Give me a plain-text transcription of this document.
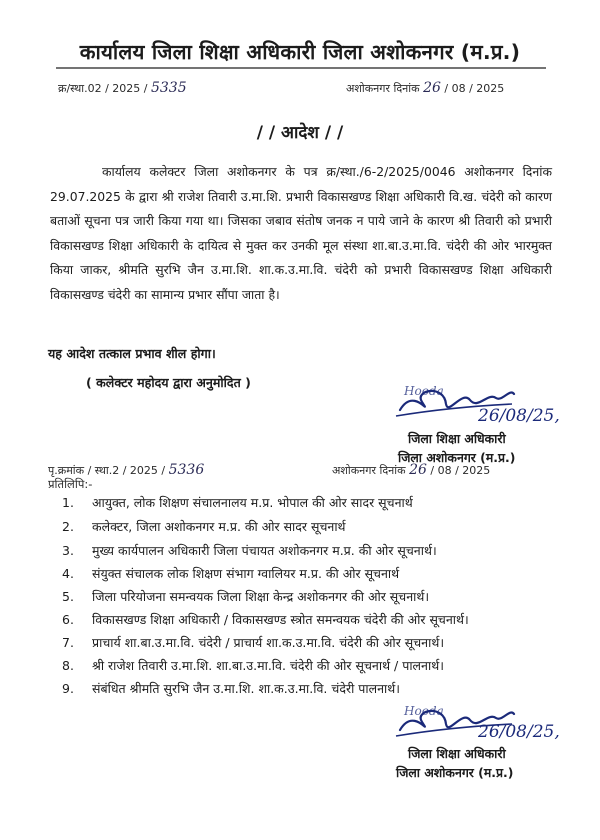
कार्यालय जिला शिक्षा अधिकारी जिला अशोकनगर (म.प्र.)
क्र/स्था.02 / 2025 / 5335	अशोकनगर दिनांक 26 / 08 / 2025
/ / आदेश / /

कार्यालय कलेक्टर जिला अशोकनगर के पत्र क्र/स्था./6-2/2025/0046 अशोकनगर दिनांक 29.07.2025 के द्वारा श्री राजेश तिवारी उ.मा.शि. प्रभारी विकासखण्ड शिक्षा अधिकारी वि.ख. चंदेरी को कारण बताओं सूचना पत्र जारी किया गया था। जिसका जबाव संतोष जनक न पाये जाने के कारण श्री तिवारी को प्रभारी विकासखण्ड शिक्षा अधिकारी के दायित्व से मुक्त कर उनकी मूल संस्था शा.बा.उ.मा.वि. चंदेरी की ओर भारमुक्त किया जाकर, श्रीमति सुरभि जैन उ.मा.शि. शा.क.उ.मा.वि. चंदेरी को प्रभारी विकासखण्ड शिक्षा अधिकारी विकासखण्ड चंदेरी का सामान्य प्रभार सौंपा जाता है।

यह आदेश तत्काल प्रभाव शील होगा।
( कलेक्टर महोदय द्वारा अनुमोदित )
Hooda
26/08/25,
जिला शिक्षा अधिकारी
जिला अशोकनगर (म.प्र.)
पृ.क्रमांक / स्था.2 / 2025 / 5336	अशोकनगर दिनांक 26 / 08 / 2025
प्रतिलिपि:-
1. आयुक्त, लोक शिक्षण संचालनालय म.प्र. भोपाल की ओर सादर सूचनार्थ
2. कलेक्टर, जिला अशोकनगर म.प्र. की ओर सादर सूचनार्थ
3. मुख्य कार्यपालन अधिकारी जिला पंचायत अशोकनगर म.प्र. की ओर सूचनार्थ।
4. संयुक्त संचालक लोक शिक्षण संभाग ग्वालियर म.प्र. की ओर सूचनार्थ
5. जिला परियोजना समन्वयक जिला शिक्षा केन्द्र अशोकनगर की ओर सूचनार्थ।
6. विकासखण्ड शिक्षा अधिकारी / विकासखण्ड स्त्रोत समन्वयक चंदेरी की ओर सूचनार्थ।
7. प्राचार्य शा.बा.उ.मा.वि. चंदेरी / प्राचार्य शा.क.उ.मा.वि. चंदेरी की ओर सूचनार्थ।
8. श्री राजेश तिवारी उ.मा.शि. शा.बा.उ.मा.वि. चंदेरी की ओर सूचनार्थ / पालनार्थ।
9. संबंधित श्रीमति सुरभि जैन उ.मा.शि. शा.क.उ.मा.वि. चंदेरी पालनार्थ।
Hooda
26/08/25,
जिला शिक्षा अधिकारी
जिला अशोकनगर (म.प्र.)
